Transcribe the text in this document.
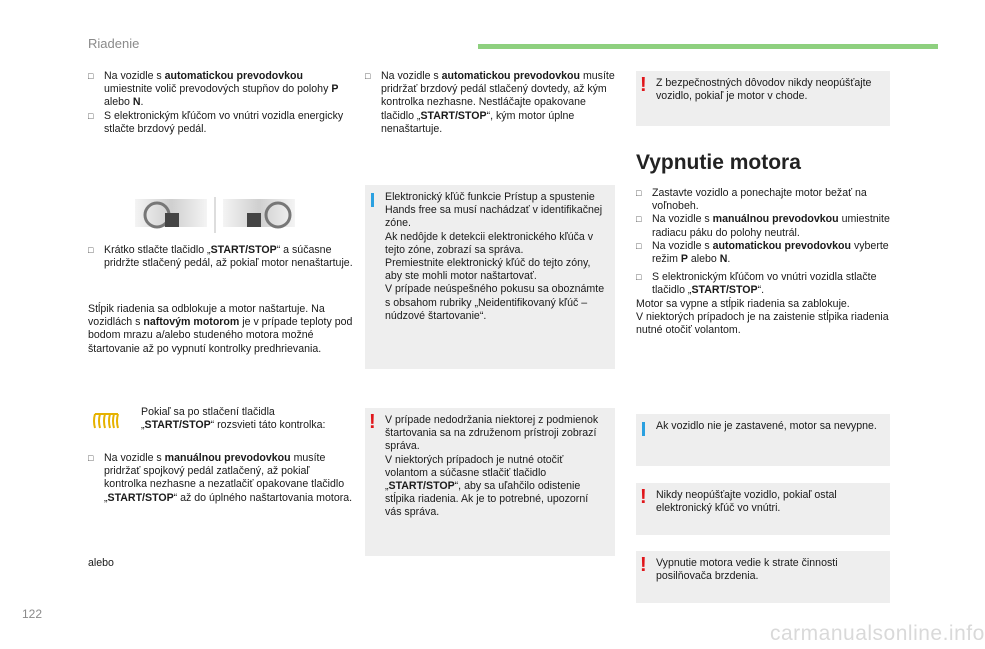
Riadenie
122
carmanualsonline.info
□ Na vozidle s automatickou prevodovkou
umiestnite volič prevodových stupňov do polohy P alebo N.
□ S elektronickým kľúčom vo vnútri vozidla energicky stlačte brzdový pedál.
□ Krátko stlačte tlačidlo „START/STOP“ a súčasne pridržte stlačený pedál, až pokiaľ motor nenaštartuje.
Stĺpik riadenia sa odblokuje a motor naštartuje. Na vozidlách s naftovým motorom je v prípade teploty pod bodom mrazu a/alebo studeného motora možné štartovanie až po vypnutí kontrolky predhrievania.
Pokiaľ sa po stlačení tlačidla „START/STOP“ rozsvieti táto kontrolka:
□ Na vozidle s manuálnou prevodovkou musíte pridržať spojkový pedál zatlačený, až pokiaľ kontrolka nezhasne a nezatlačiť opakovane tlačidlo „START/STOP“ až do úplného naštartovania motora.
alebo
□ Na vozidle s automatickou prevodovkou musíte pridržať brzdový pedál stlačený dovtedy, až kým kontrolka nezhasne. Nestláčajte opakovane tlačidlo „START/STOP“, kým motor úplne nenaštartuje.
Elektronický kľúč funkcie Prístup a spustenie Hands free sa musí nachádzať v identifikačnej zóne.
Ak nedôjde k detekcii elektronického kľúča v tejto zóne, zobrazí sa správa.
Premiestnite elektronický kľúč do tejto zóny, aby ste mohli motor naštartovať.
V prípade neúspešného pokusu sa oboznámte s obsahom rubriky „Neidentifikovaný kľúč – núdzové štartovanie“.
! V prípade nedodržania niektorej z podmienok štartovania sa na združenom prístroji zobrazí správa.
V niektorých prípadoch je nutné otočiť volantom a súčasne stlačiť tlačidlo
„START/STOP“, aby sa uľahčilo odistenie stĺpika riadenia. Ak je to potrebné, upozorní vás správa.
! Z bezpečnostných dôvodov nikdy neopúšťajte vozidlo, pokiaľ je motor v chode.
Vypnutie motora
□ Zastavte vozidlo a ponechajte motor bežať na voľnobeh.
□ Na vozidle s manuálnou prevodovkou umiestnite radiacu páku do polohy neutrál.
□ Na vozidle s automatickou prevodovkou vyberte režim P alebo N.
□ S elektronickým kľúčom vo vnútri vozidla stlačte tlačidlo „START/STOP“.
Motor sa vypne a stĺpik riadenia sa zablokuje.
V niektorých prípadoch je na zaistenie stĺpika riadenia nutné otočiť volantom.
Ak vozidlo nie je zastavené, motor sa nevypne.
! Nikdy neopúšťajte vozidlo, pokiaľ ostal elektronický kľúč vo vnútri.
! Vypnutie motora vedie k strate činnosti posilňovača brzdenia.
